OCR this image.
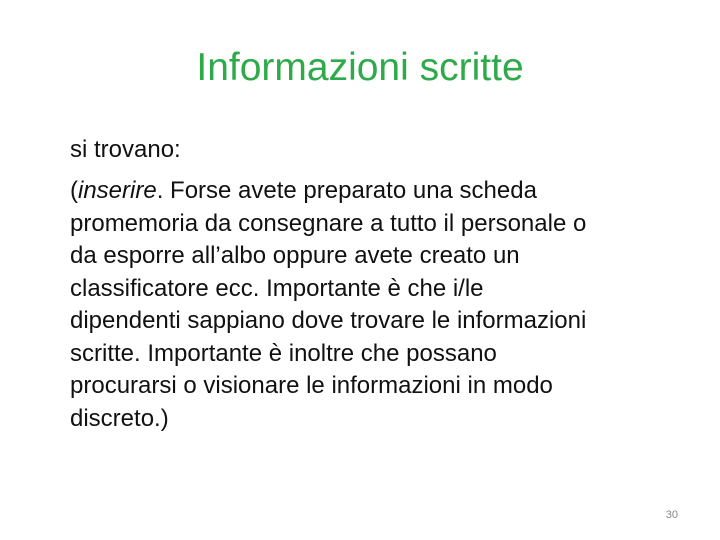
Informazioni scritte
si trovano:
(inserire. Forse avete preparato una scheda
promemoria da consegnare a tutto il personale o
da esporre all’albo oppure avete creato un
classificatore ecc. Importante è che i/le
dipendenti sappiano dove trovare le informazioni
scritte. Importante è inoltre che possano
procurarsi o visionare le informazioni in modo
discreto.)
30
